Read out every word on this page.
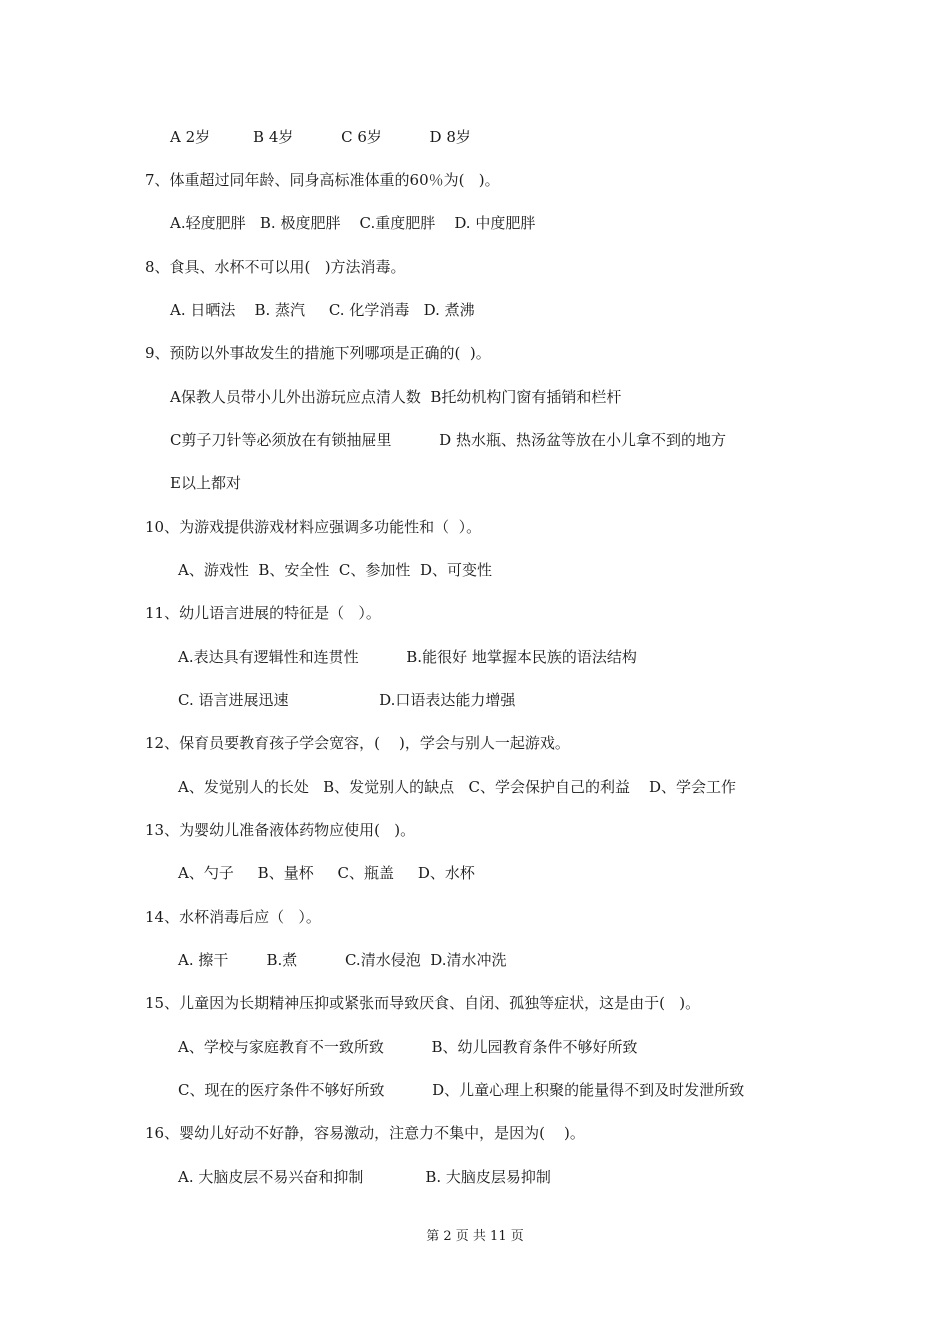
A 2岁         B 4岁          C 6岁          D 8岁
7、体重超过同年龄、同身高标准体重的60％为(   )。
A.轻度肥胖   B. 极度肥胖    C.重度肥胖    D. 中度肥胖
8、食具、水杯不可以用(   )方法消毒。
A. 日晒法    B. 蒸汽     C. 化学消毒   D. 煮沸
9、预防以外事故发生的措施下列哪项是正确的(  )。
A保教人员带小儿外出游玩应点清人数  B托幼机构门窗有插销和栏杆
C剪子刀针等必须放在有锁抽屉里          D 热水瓶、热汤盆等放在小儿拿不到的地方
E以上都对
10、为游戏提供游戏材料应强调多功能性和（  ）。
A、游戏性  B、安全性  C、参加性  D、可变性
11、幼儿语言进展的特征是（   ）。
A.表达具有逻辑性和连贯性          B.能很好 地掌握本民族的语法结构
C. 语言进展迅速                   D.口语表达能力增强
12、保育员要教育孩子学会宽容，(    )，学会与别人一起游戏。
A、发觉别人的长处   B、发觉别人的缺点   C、学会保护自己的利益    D、学会工作
13、为婴幼儿准备液体药物应使用(   )。
A、勺子     B、量杯     C、瓶盖     D、水杯
14、水杯消毒后应（   ）。
A. 擦干        B.煮          C.清水侵泡  D.清水冲洗
15、儿童因为长期精神压抑或紧张而导致厌食、自闭、孤独等症状，这是由于(   )。
A、学校与家庭教育不一致所致          B、幼儿园教育条件不够好所致
C、现在的医疗条件不够好所致          D、儿童心理上积聚的能量得不到及时发泄所致
16、婴幼儿好动不好静，容易激动，注意力不集中，是因为(    )。
A. 大脑皮层不易兴奋和抑制             B. 大脑皮层易抑制
第 2 页 共 11 页
